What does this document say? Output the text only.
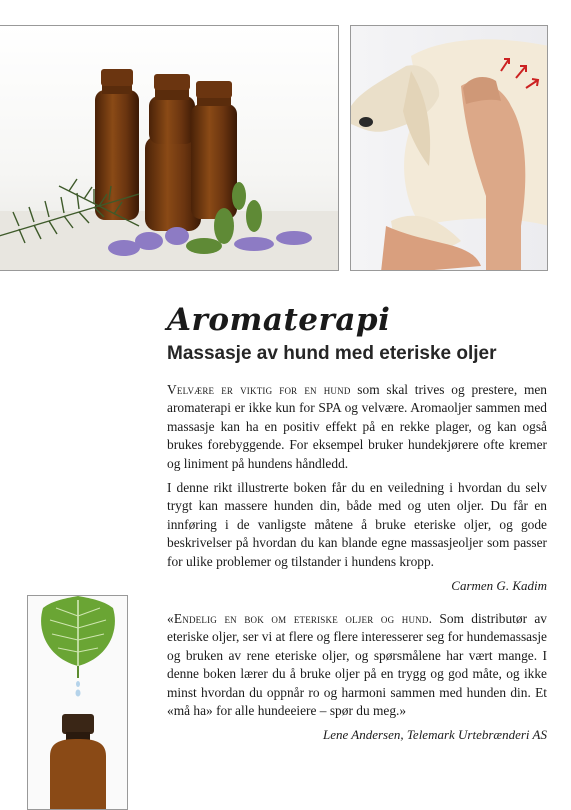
Aromaterapi
Massasje av hund med eteriske oljer

Velvære er viktig for en hund som skal trives og prestere, men aromaterapi er ikke kun for SPA og velvære. Aromaoljer sammen med massasje kan ha en positiv effekt på en rekke plager, og kan også brukes forebyggende. For eksempel bruker hundekjørere ofte kremer og liniment på hundens håndledd.

I denne rikt illustrerte boken får du en veiledning i hvordan du selv trygt kan massere hunden din, både med og uten oljer. Du får en innføring i de vanligste måtene å bruke eteriske oljer, og gode beskrivelser på hvordan du kan blande egne massasjeoljer som passer for ulike problemer og tilstander i hundens kropp.

Carmen G. Kadim

«Endelig en bok om eteriske oljer og hund. Som distributør av eteriske oljer, ser vi at flere og flere interesserer seg for hundemassasje og bruken av rene eteriske oljer, og spørsmålene har vært mange. I denne boken lærer du å bruke oljer på en trygg og god måte, og ikke minst hvordan du oppnår ro og harmoni sammen med hunden din. Et «må ha» for alle hundeeiere – spør du meg.»

Lene Andersen, Telemark Urtebrænderi AS
